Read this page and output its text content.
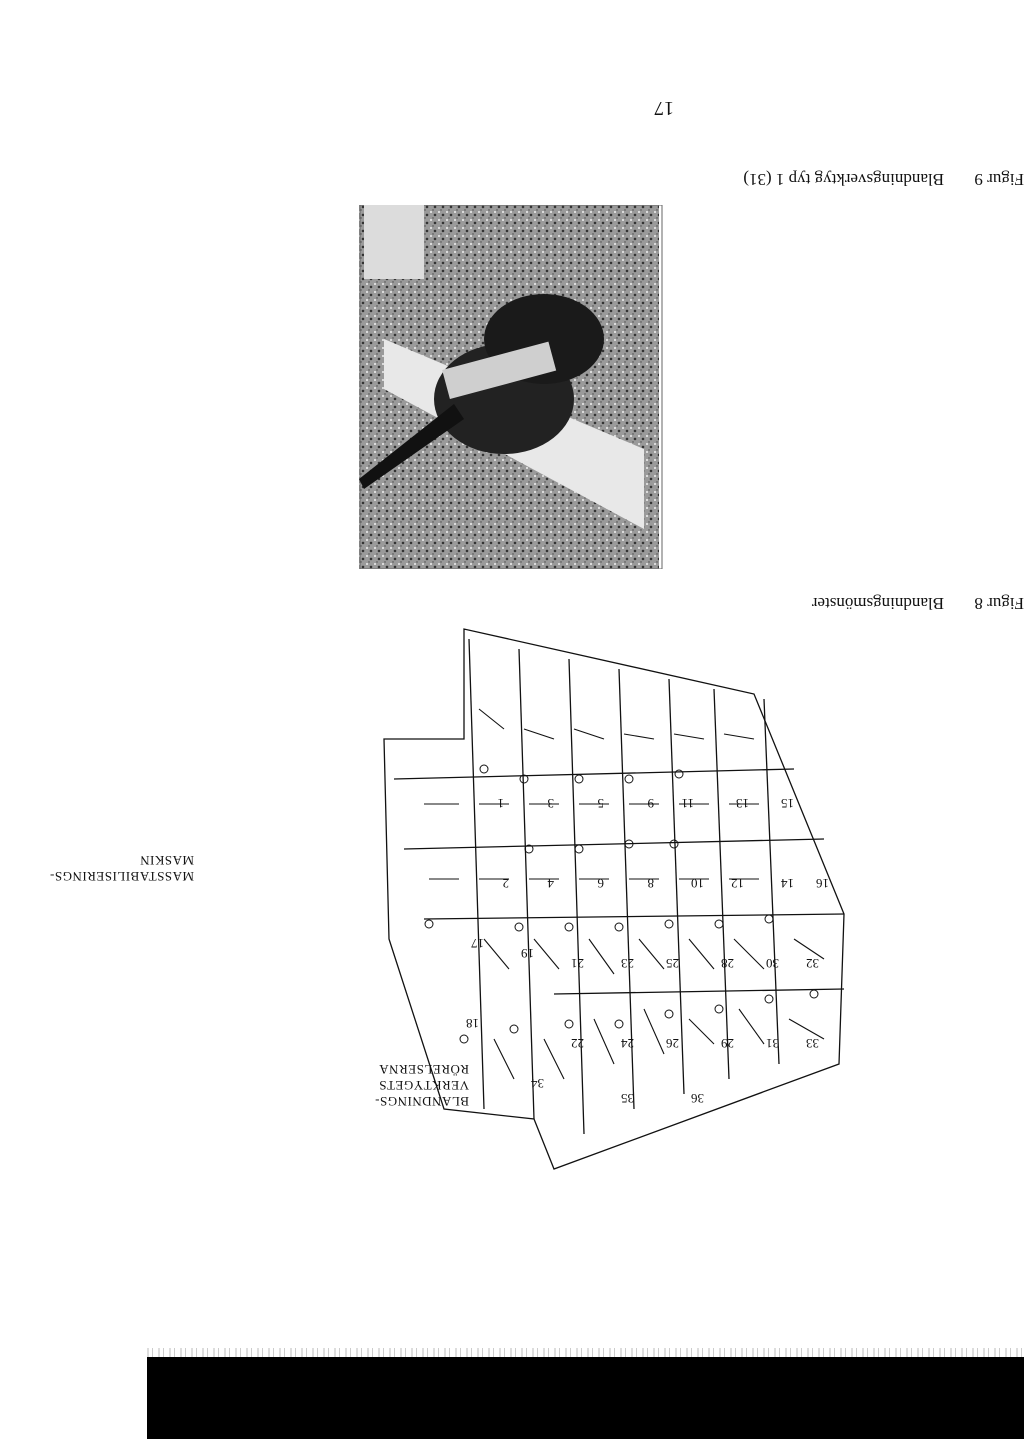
17
Figur 9
Blandningsverktyg typ 1 (31)
Figur 8
Blandningsmönster
1
2
3
4
5
6	8
9
10
11
12
13
14
15
16
17
18
19
21
22
23
24
25
26
28
29
30
31
32
33
34
35	36
BLANDNINGS-
VERKTYGETS
RÖRELSERNA
MASSTABILISERINGS-
MASKIN
